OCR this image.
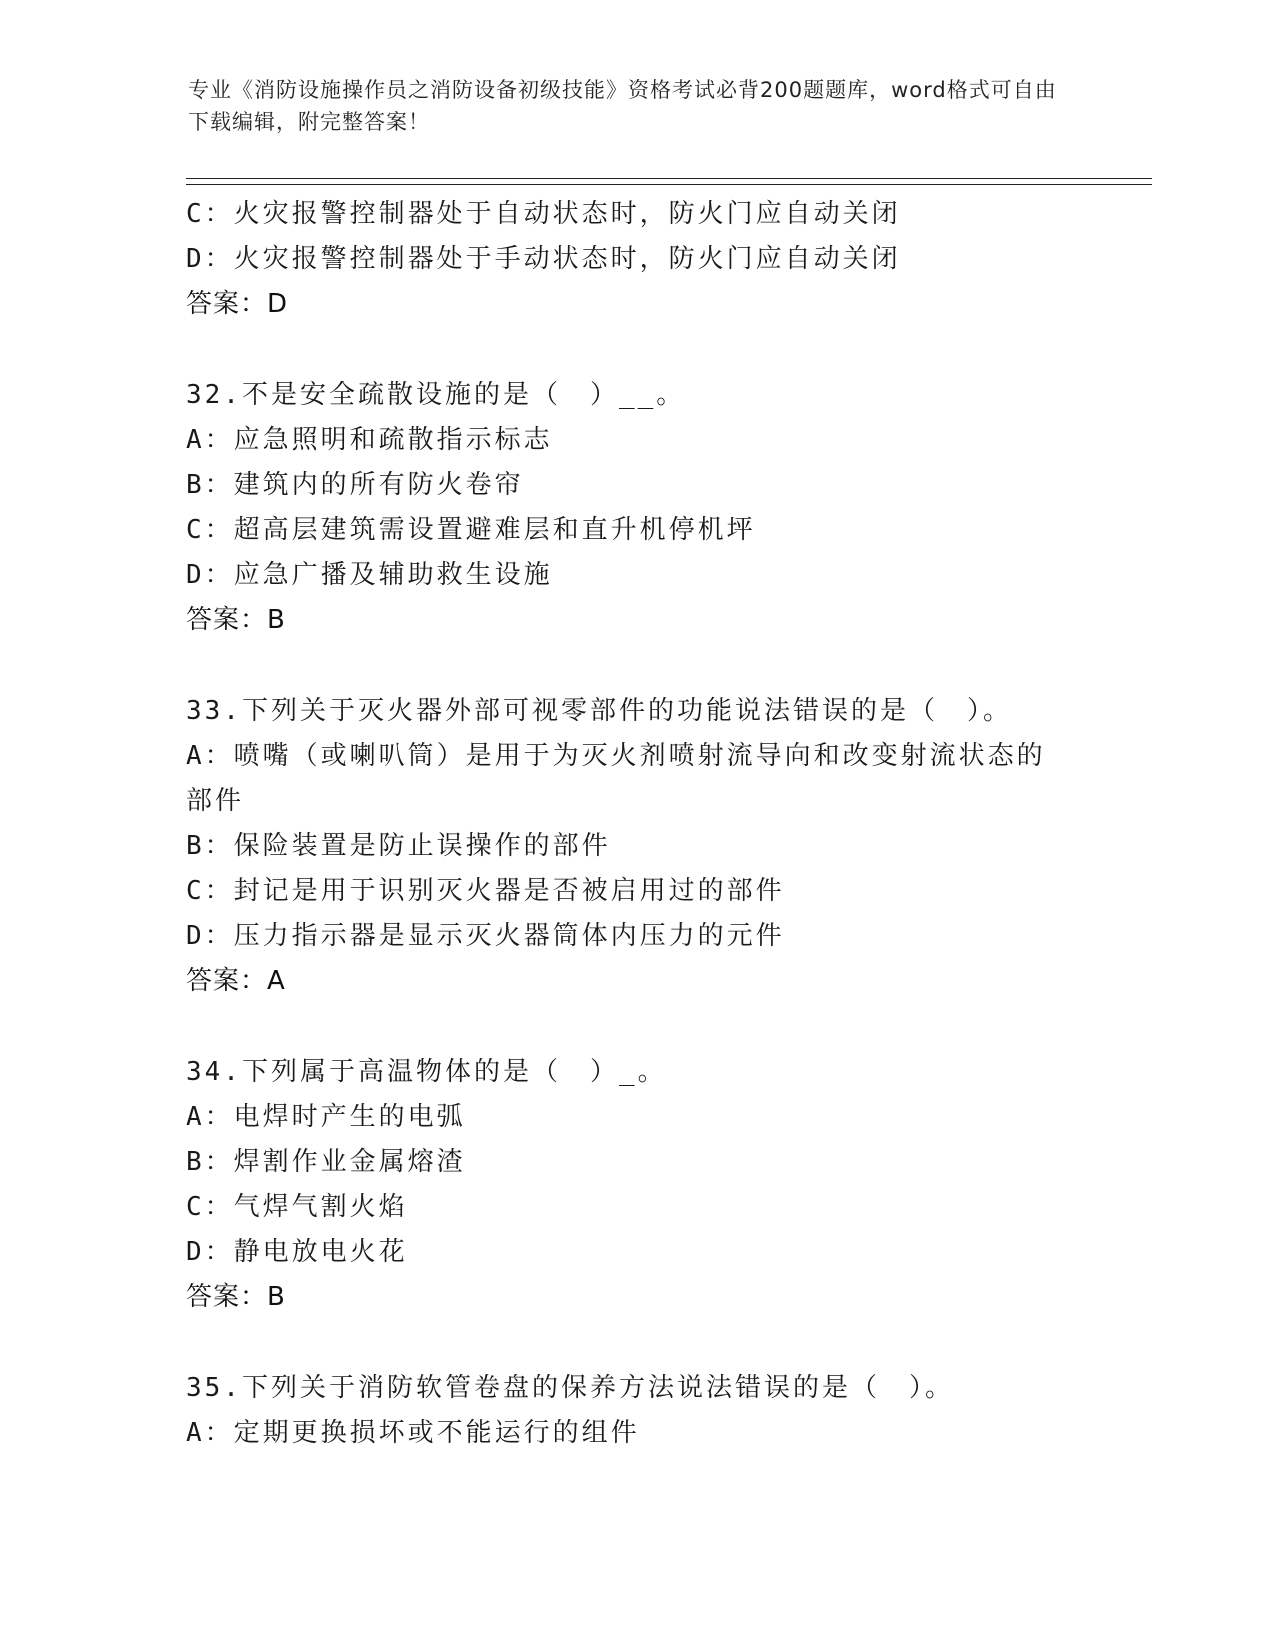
专业《消防设施操作员之消防设备初级技能》资格考试必背200题题库，word格式可自由下载编辑，附完整答案！
C：火灾报警控制器处于自动状态时，防火门应自动关闭
D：火灾报警控制器处于手动状态时，防火门应自动关闭
答案：D
32.不是安全疏散设施的是（　）__。
A：应急照明和疏散指示标志
B：建筑内的所有防火卷帘
C：超高层建筑需设置避难层和直升机停机坪
D：应急广播及辅助救生设施
答案：B
33.下列关于灭火器外部可视零部件的功能说法错误的是（　）。
A：喷嘴（或喇叭筒）是用于为灭火剂喷射流导向和改变射流状态的部件
B：保险装置是防止误操作的部件
C：封记是用于识别灭火器是否被启用过的部件
D：压力指示器是显示灭火器筒体内压力的元件
答案：A
34.下列属于高温物体的是（　）_。
A：电焊时产生的电弧
B：焊割作业金属熔渣
C：气焊气割火焰
D：静电放电火花
答案：B
35.下列关于消防软管卷盘的保养方法说法错误的是（　）。
A：定期更换损坏或不能运行的组件
